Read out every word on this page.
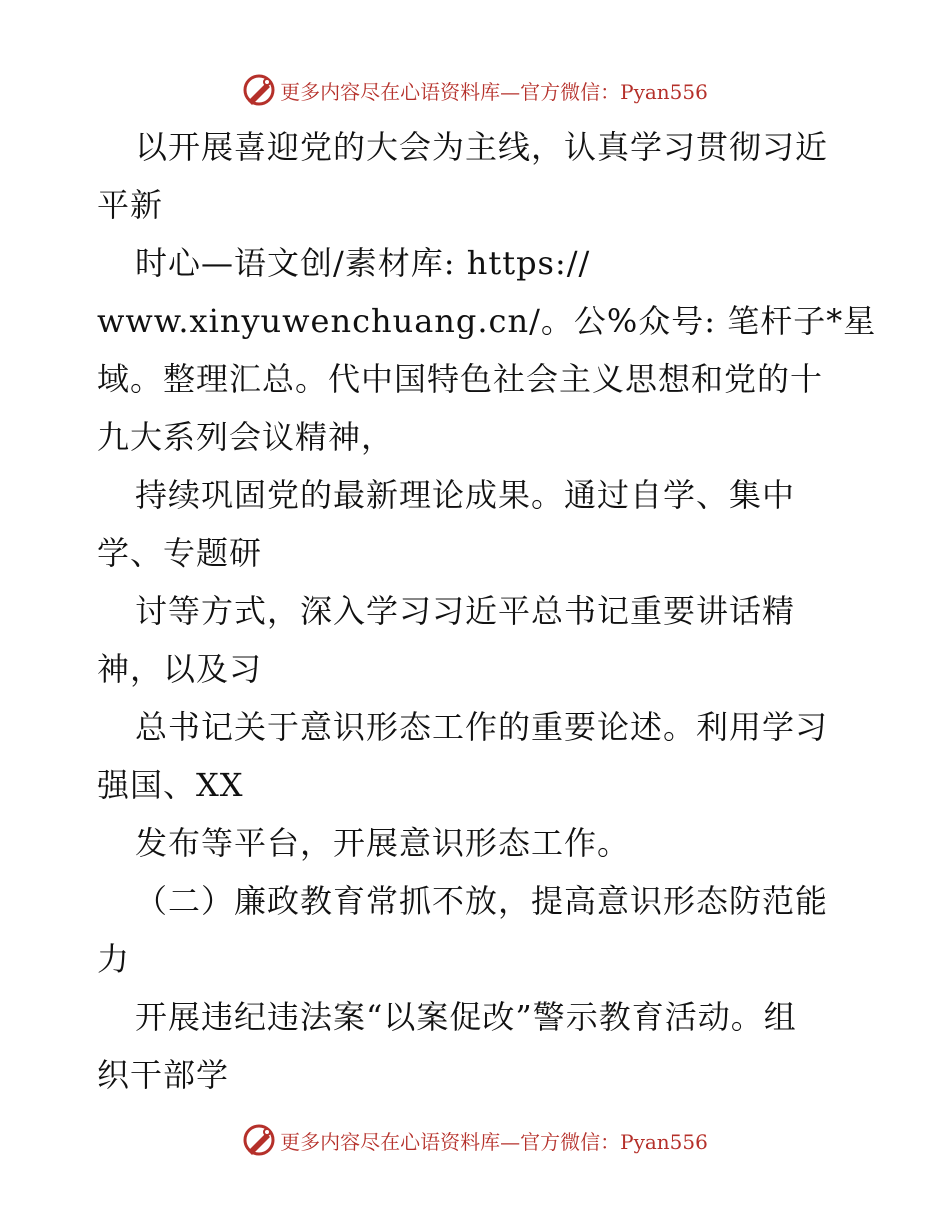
更多内容尽在心语资料库—官方微信：Pyan556
以开展喜迎党的大会为主线，认真学习贯彻习近
平新
时心—语文创/素材库: https://
www.xinyuwenchuang.cn/。公%众号: 笔杆子*星
域。整理汇总。代中国特色社会主义思想和党的十
九大系列会议精神，
持续巩固党的最新理论成果。通过自学、集中
学、专题研
讨等方式，深入学习习近平总书记重要讲话精
神，以及习
总书记关于意识形态工作的重要论述。利用学习
强国、XX
发布等平台，开展意识形态工作。
（二）廉政教育常抓不放，提高意识形态防范能
力
开展违纪违法案“以案促改”警示教育活动。组
织干部学
更多内容尽在心语资料库—官方微信：Pyan556
